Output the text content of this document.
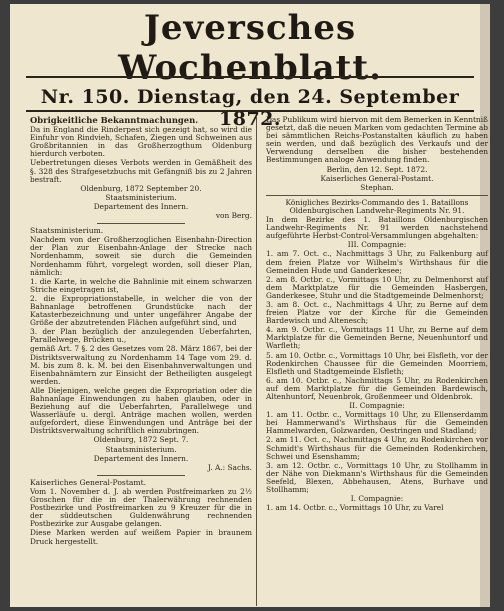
Jeversches Wochenblatt.
Nr. 150. Dienstag, den 24. September 1872.
Obrigkeitliche Bekanntmachungen.
Da in England die Rinderpest sich gezeigt hat, so wird die Einfuhr von Rindvieh, Schafen, Ziegen und Schweinen aus Großbritannien in das Großherzogthum Oldenburg hierdurch verboten.
Uebertretungen dieses Verbots werden in Gemäßheit des §. 328 des Strafgesetzbuchs mit Gefängniß bis zu 2 Jahren bestraft.
Oldenburg, 1872 September 20.
Staatsministerium.
Departement des Innern.
von Berg.
Staatsministerium.
Nachdem von der Großherzoglichen Eisenbahn-Direction der Plan zur Eisenbahn-Anlage der Strecke nach Nordenhamm, soweit sie durch die Gemeinden Nordenhamm führt, vorgelegt worden, soll dieser Plan, nämlich:
1. die Karte, in welche die Bahnlinie mit einem schwarzen Striche eingetragen ist,
2. die Expropriationstabelle, in welcher die von der Bahnanlage betroffenen Grundstücke nach der Katasterbezeichnung und unter ungefährer Angabe der Größe der abzutretenden Flächen aufgeführt sind, und
3. der Plan bezüglich der anzulegenden Ueberfahrten, Parallelwege, Brücken u.,
gemäß Art. 7 §. 2 des Gesetzes vom 28. März 1867, bei der Distriktsverwaltung zu Nordenhamm 14 Tage vom 29. d. M. bis zum 8. k. M. bei den Eisenbahnverwaltungen und Eisenbahnämtern zur Einsicht der Betheiligten ausgelegt werden.
Alle Diejenigen, welche gegen die Expropriation oder die Bahnanlage Einwendungen zu haben glauben, oder in Beziehung auf die Ueberfahrten, Parallelwege und Wasserläufe u. dergl. Anträge machen wollen, werden aufgefordert, diese Einwendungen und Anträge bei der Distriktsverwaltung schriftlich einzubringen.
Oldenburg, 1872 Sept. 7.
Staatsministerium.
Departement des Innern.
J. A.: Sachs.
Kaiserliches General-Postamt.
Vom 1. November d. J. ab werden Postfreimarken zu 2½ Groschen für die in der Thalerwährung rechnenden Postbezirke und Postfreimarken zu 9 Kreuzer für die in der süddeutschen Guldenwährung rechnenden Postbezirke zur Ausgabe gelangen.
Diese Marken werden auf weißem Papier in braunem Druck hergestellt.
Das Publikum wird hiervon mit dem Bemerken in Kenntniß gesetzt, daß die neuen Marken vom gedachten Termine ab bei sämmtlichen Reichs-Postanstalten käuflich zu haben sein werden, und daß bezüglich des Verkaufs und der Verwendung derselben die bisher bestehenden Bestimmungen analoge Anwendung finden.
Berlin, den 12. Sept. 1872.
Kaiserliches General-Postamt.
Stephan.
Königliches Bezirks-Commando des 1. Bataillons Oldenburgischen Landwehr-Regiments Nr. 91.
In dem Bezirke des 1. Bataillons Oldenburgischen Landwehr-Regiments Nr. 91 werden nachstehend aufgeführte Herbst-Control-Versammlungen abgehalten:
III. Compagnie:
1. am 7. Oct. c., Nachmittags 3 Uhr, zu Falkenburg auf dem freien Platze vor Wilhelm's Wirthshaus für die Gemeinden Hude und Ganderkesee;
2. am 8. Octbr. c., Vormittags 10 Uhr, zu Delmenhorst auf dem Marktplatze für die Gemeinden Hasbergen, Ganderkesee, Stuhr und die Stadtgemeinde Delmenhorst;
3. am 8. Oct. c., Nachmittags 4 Uhr, zu Berne auf dem freien Platze vor der Kirche für die Gemeinden Bardewisch und Altenesch;
4. am 9. Octbr. c., Vormittags 11 Uhr, zu Berne auf dem Marktplatze für die Gemeinden Berne, Neuenhuntorf und Warfleth;
5. am 10. Octbr. c., Vormittags 10 Uhr, bei Elsfleth, vor der Rodenkirchen Chaussee für die Gemeinden Moorriem, Elsfleth und Stadtgemeinde Elsfleth;
6. am 10. Octbr. c., Nachmittags 5 Uhr, zu Rodenkirchen auf dem Marktplatze für die Gemeinden Bardewisch, Altenhuntorf, Neuenbrok, Großenmeer und Oldenbrok.
II. Compagnie:
1. am 11. Octbr. c., Vormittags 10 Uhr, zu Ellenserdamm bei Hammerwand's Wirthshaus für die Gemeinden Hammelwarden, Golzwarden, Oestringen und Stadland;
2. am 11. Oct. c., Nachmittags 4 Uhr, zu Rodenkirchen vor Schmidt's Wirthshaus für die Gemeinden Rodenkirchen, Schwei und Esenshamm;
3. am 12. Octbr. c., Vormittags 10 Uhr, zu Stollhamm in der Nähe von Diekmann's Wirthshaus für die Gemeinden Seefeld, Blexen, Abbehausen, Atens, Burhave und Stollhamm;
I. Compagnie:
1. am 14. Octbr. c., Vormittags 10 Uhr, zu Varel
